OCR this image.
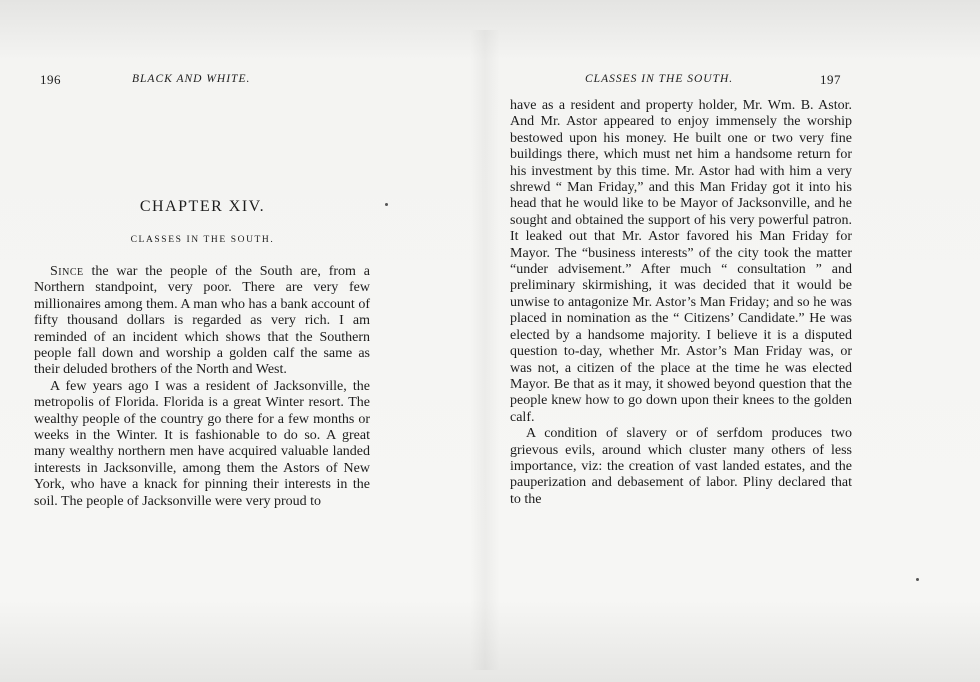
196	BLACK AND WHITE.
CHAPTER XIV.
CLASSES IN THE SOUTH.

Since the war the people of the South are, from a Northern standpoint, very poor. There are very few millionaires among them. A man who has a bank account of fifty thousand dollars is regarded as very rich. I am reminded of an incident which shows that the Southern people fall down and worship a golden calf the same as their deluded brothers of the North and West.

A few years ago I was a resident of Jacksonville, the metropolis of Florida. Florida is a great Winter resort. The wealthy people of the country go there for a few months or weeks in the Winter. It is fashionable to do so. A great many wealthy northern men have acquired valuable landed interests in Jacksonville, among them the Astors of New York, who have a knack for pinning their interests in the soil. The people of Jacksonville were very proud to

CLASSES IN THE SOUTH.	197

have as a resident and property holder, Mr. Wm. B. Astor. And Mr. Astor appeared to enjoy immensely the worship bestowed upon his money. He built one or two very fine buildings there, which must net him a handsome return for his investment by this time. Mr. Astor had with him a very shrewd “ Man Friday,” and this Man Friday got it into his head that he would like to be Mayor of Jacksonville, and he sought and obtained the support of his very powerful patron. It leaked out that Mr. Astor favored his Man Friday for Mayor. The “business interests” of the city took the matter “under advisement.” After much “ consultation ” and preliminary skirmishing, it was decided that it would be unwise to antagonize Mr. Astor’s Man Friday; and so he was placed in nomination as the “ Citizens’ Candidate.” He was elected by a handsome majority. I believe it is a disputed question to-day, whether Mr. Astor’s Man Friday was, or was not, a citizen of the place at the time he was elected Mayor. Be that as it may, it showed beyond question that the people knew how to go down upon their knees to the golden calf.

A condition of slavery or of serfdom produces two grievous evils, around which cluster many others of less importance, viz: the creation of vast landed estates, and the pauperization and debasement of labor. Pliny declared that to the
